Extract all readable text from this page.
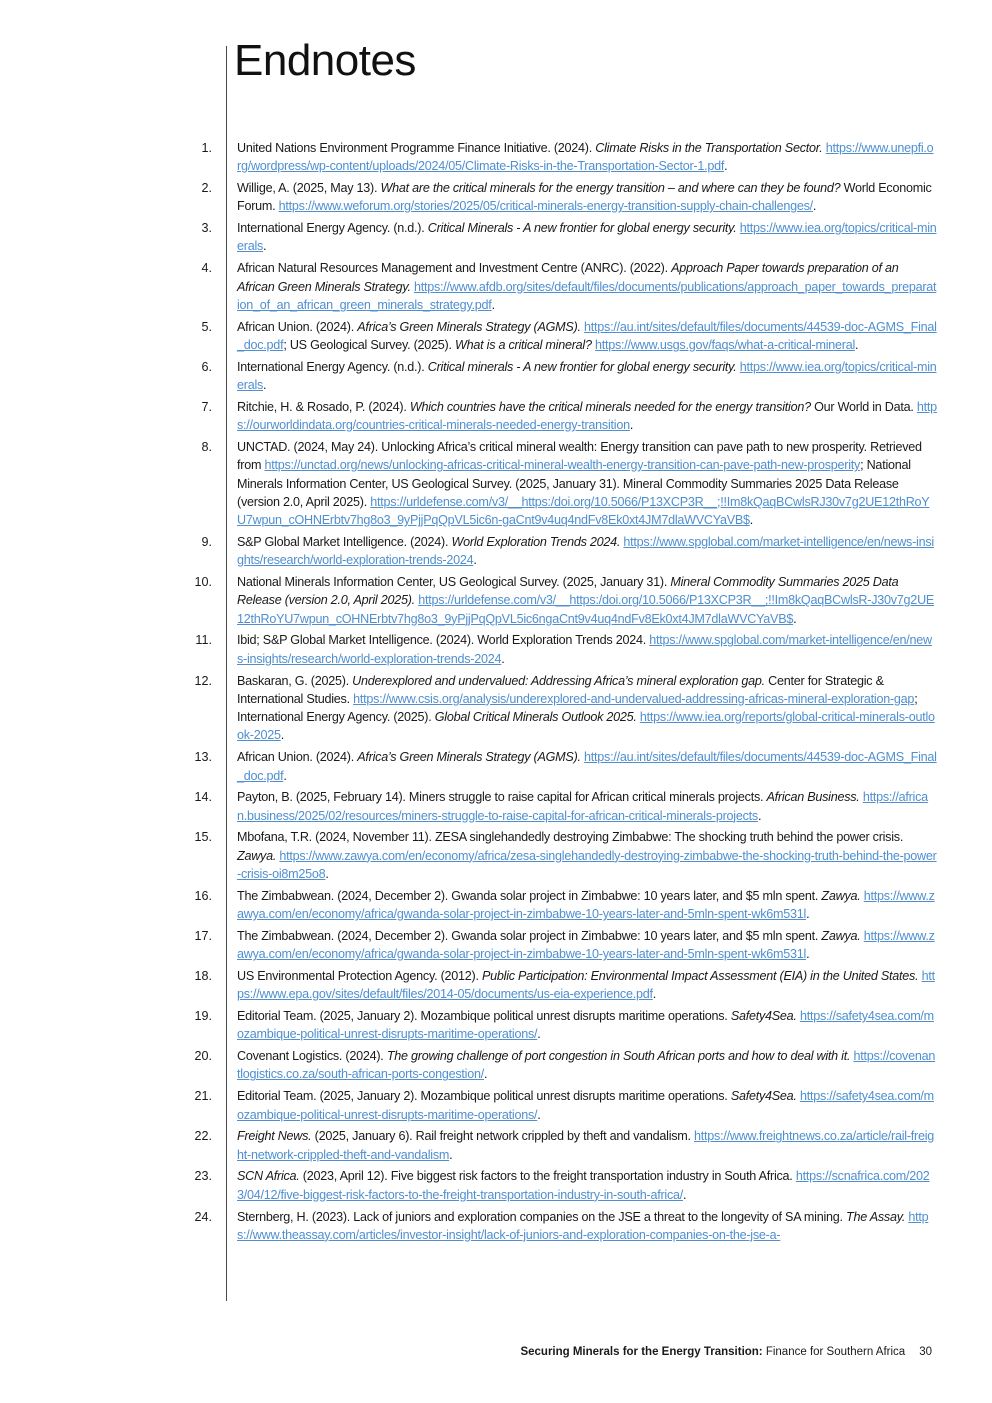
Endnotes
1. United Nations Environment Programme Finance Initiative. (2024). Climate Risks in the Transportation Sector. https://www.unepfi.org/wordpress/wp-content/uploads/2024/05/Climate-Risks-in-the-Transportation-Sector-1.pdf.
2. Willige, A. (2025, May 13). What are the critical minerals for the energy transition – and where can they be found? World Economic Forum. https://www.weforum.org/stories/2025/05/critical-minerals-energy-transition-supply-chain-challenges/.
3. International Energy Agency. (n.d.). Critical Minerals - A new frontier for global energy security. https://www.iea.org/topics/critical-minerals.
4. African Natural Resources Management and Investment Centre (ANRC). (2022). Approach Paper towards preparation of an African Green Minerals Strategy. https://www.afdb.org/sites/default/files/documents/publications/approach_paper_towards_preparation_of_an_african_green_minerals_strategy.pdf.
5. African Union. (2024). Africa’s Green Minerals Strategy (AGMS). https://au.int/sites/default/files/documents/44539-doc-AGMS_Final_doc.pdf; US Geological Survey. (2025). What is a critical mineral? https://www.usgs.gov/faqs/what-a-critical-mineral.
6. International Energy Agency. (n.d.). Critical minerals - A new frontier for global energy security. https://www.iea.org/topics/critical-minerals.
7. Ritchie, H. & Rosado, P. (2024). Which countries have the critical minerals needed for the energy transition? Our World in Data. https://ourworldindata.org/countries-critical-minerals-needed-energy-transition.
8. UNCTAD. (2024, May 24). Unlocking Africa’s critical mineral wealth: Energy transition can pave path to new prosperity. Retrieved from https://unctad.org/news/unlocking-africas-critical-mineral-wealth-energy-transition-can-pave-path-new-prosperity; National Minerals Information Center, US Geological Survey. (2025, January 31). Mineral Commodity Summaries 2025 Data Release (version 2.0, April 2025). https://urldefense.com/v3/__https:/doi.org/10.5066/P13XCP3R__;!!Im8kQaqBCwlsRJ30v7g2UE12thRoYU7wpun_cOHNErbtv7hg8o3_9yPjjPqQpVL5ic6n-gaCnt9v4uq4ndFv8Ek0xt4JM7dlaWVCYaVB$.
9. S&P Global Market Intelligence. (2024). World Exploration Trends 2024. https://www.spglobal.com/market-intelligence/en/news-insights/research/world-exploration-trends-2024.
10. National Minerals Information Center, US Geological Survey. (2025, January 31). Mineral Commodity Summaries 2025 Data Release (version 2.0, April 2025). https://urldefense.com/v3/__https:/doi.org/10.5066/P13XCP3R__;!!Im8kQaqBCwlsR-J30v7g2UE12thRoYU7wpun_cOHNErbtv7hg8o3_9yPjjPqQpVL5ic6ngaCnt9v4uq4ndFv8Ek0xt4JM7dlaWVCYaVB$.
11. Ibid; S&P Global Market Intelligence. (2024). World Exploration Trends 2024. https://www.spglobal.com/market-intelligence/en/news-insights/research/world-exploration-trends-2024.
12. Baskaran, G. (2025). Underexplored and undervalued: Addressing Africa’s mineral exploration gap. Center for Strategic & International Studies. https://www.csis.org/analysis/underexplored-and-undervalued-addressing-africas-mineral-exploration-gap; International Energy Agency. (2025). Global Critical Minerals Outlook 2025. https://www.iea.org/reports/global-critical-minerals-outlook-2025.
13. African Union. (2024). Africa’s Green Minerals Strategy (AGMS). https://au.int/sites/default/files/documents/44539-doc-AGMS_Final_doc.pdf.
14. Payton, B. (2025, February 14). Miners struggle to raise capital for African critical minerals projects. African Business. https://african.business/2025/02/resources/miners-struggle-to-raise-capital-for-african-critical-minerals-projects.
15. Mbofana, T.R. (2024, November 11). ZESA singlehandedly destroying Zimbabwe: The shocking truth behind the power crisis. Zawya. https://www.zawya.com/en/economy/africa/zesa-singlehandedly-destroying-zimbabwe-the-shocking-truth-behind-the-power-crisis-oi8m25o8.
16. The Zimbabwean. (2024, December 2). Gwanda solar project in Zimbabwe: 10 years later, and $5 mln spent. Zawya. https://www.zawya.com/en/economy/africa/gwanda-solar-project-in-zimbabwe-10-years-later-and-5mln-spent-wk6m531l.
17. The Zimbabwean. (2024, December 2). Gwanda solar project in Zimbabwe: 10 years later, and $5 mln spent. Zawya. https://www.zawya.com/en/economy/africa/gwanda-solar-project-in-zimbabwe-10-years-later-and-5mln-spent-wk6m531l.
18. US Environmental Protection Agency. (2012). Public Participation: Environmental Impact Assessment (EIA) in the United States. https://www.epa.gov/sites/default/files/2014-05/documents/us-eia-experience.pdf.
19. Editorial Team. (2025, January 2). Mozambique political unrest disrupts maritime operations. Safety4Sea. https://safety4sea.com/mozambique-political-unrest-disrupts-maritime-operations/.
20. Covenant Logistics. (2024). The growing challenge of port congestion in South African ports and how to deal with it. https://covenantlogistics.co.za/south-african-ports-congestion/.
21. Editorial Team. (2025, January 2). Mozambique political unrest disrupts maritime operations. Safety4Sea. https://safety4sea.com/mozambique-political-unrest-disrupts-maritime-operations/.
22. Freight News. (2025, January 6). Rail freight network crippled by theft and vandalism. https://www.freightnews.co.za/article/rail-freight-network-crippled-theft-and-vandalism.
23. SCN Africa. (2023, April 12). Five biggest risk factors to the freight transportation industry in South Africa. https://scnafrica.com/2023/04/12/five-biggest-risk-factors-to-the-freight-transportation-industry-in-south-africa/.
24. Sternberg, H. (2023). Lack of juniors and exploration companies on the JSE a threat to the longevity of SA mining. The Assay. https://www.theassay.com/articles/investor-insight/lack-of-juniors-and-exploration-companies-on-the-jse-a-
Securing Minerals for the Energy Transition: Finance for Southern Africa 30
